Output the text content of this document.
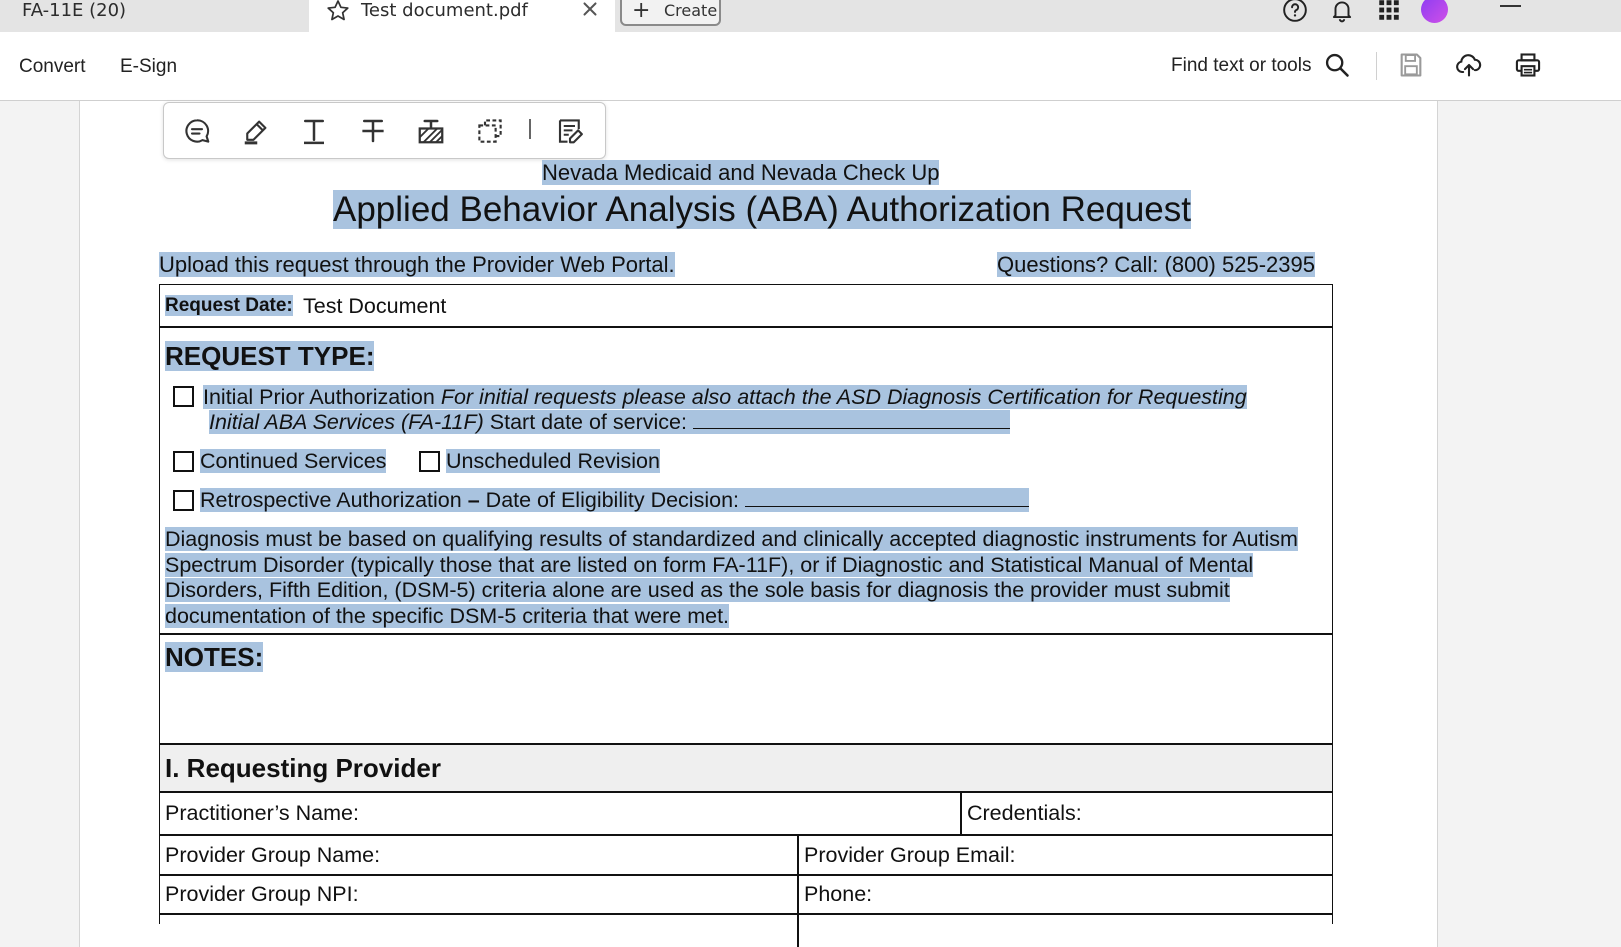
FA-11E (20)	Test document.pdf	+ Create
Convert E-Sign	Find text or tools
Nevada Medicaid and Nevada Check Up
Applied Behavior Analysis (ABA) Authorization Request
Upload this request through the Provider Web Portal.	Questions? Call: (800) 525-2395
Request Date: Test Document
REQUEST TYPE:
Initial Prior Authorization For initial requests please also attach the ASD Diagnosis Certification for Requesting
Initial ABA Services (FA-11F) Start date of service:
Continued Services	Unscheduled Revision
Retrospective Authorization – Date of Eligibility Decision:
Diagnosis must be based on qualifying results of standardized and clinically accepted diagnostic instruments for Autism Spectrum Disorder (typically those that are listed on form FA-11F), or if Diagnostic and Statistical Manual of Mental Disorders, Fifth Edition, (DSM-5) criteria alone are used as the sole basis for diagnosis the provider must submit documentation of the specific DSM-5 criteria that were met.
NOTES:
I. Requesting Provider
Practitioner’s Name:	Credentials:
Provider Group Name:	Provider Group Email:
Provider Group NPI:	Phone:
